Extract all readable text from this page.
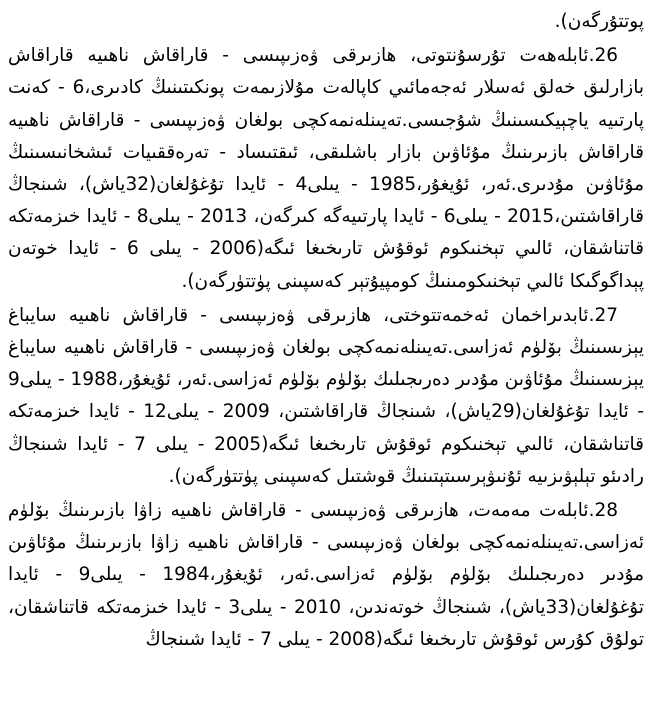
پوتتۇرگەن).

26.ئابلەھەت تۇرسۇنتوتى، ھازىرقى ۋەزىپىسى - قاراقاش ناھىيە قاراقاش بازارلىق خەلق ئەسلار ئەجەمائىي كاپالەت مۇلازىمەت پونكىتىنىڭ كادىرى،6 - كەنت پارتىيە ياچېيكىسىنىڭ شۇجىسى.تەيىنلەنمەكچى بولغان ۋەزىپىسى - قاراقاش ناھىيە قاراقاش بازىرىنىڭ مۇئاۋىن بازار باشلىقى، ئىقتىساد - تەرەققىيات ئىشخانىسىنىڭ مۇئاۋىن مۇدىرى.ئەر، ئۇيغۇر،1985 - يىلى4 - ئايدا تۇغۇلغان(32ياش)، شىنجاڭ قاراقاشتىن،2015 - يىلى6 - ئايدا پارتىيەگە كىرگەن، 2013 - يىلى8 - ئايدا خىزمەتكە قاتناشقان، ئالىي تېخنىكوم ئوقۇش تارىخىغا ئىگە(2006 - يىلى 6 - ئايدا خوتەن پېداگوگىكا ئالىي تېخنىكومىنىڭ كومپيۇتېر كەسپىنى پۈتتۈرگەن).

27.ئابدىراخمان ئەخمەتتوختى، ھازىرقى ۋەزىپىسى - قاراقاش ناھىيە سايباغ يېزىسىنىڭ بۆلۈم ئەزاسى.تەيىنلەنمەكچى بولغان ۋەزىپىسى - قاراقاش ناھىيە سايباغ يېزىسىنىڭ مۇئاۋىن مۇدىر دەرىجىلىك بۆلۈم بۆلۈم ئەزاسى.ئەر، ئۇيغۇر،1988 - يىلى9 - ئايدا تۇغۇلغان(29ياش)، شىنجاڭ قاراقاشتىن، 2009 - يىلى12 - ئايدا خىزمەتكە قاتناشقان، ئالىي تېخنىكوم ئوقۇش تارىخىغا ئىگە(2005 - يىلى 7 - ئايدا شىنجاڭ رادىئو تېلېۋىزىيە ئۇنىۋېرسىتېتىنىڭ قوشتىل كەسپىنى پۈتتۈرگەن).

28.ئابلەت مەمەت، ھازىرقى ۋەزىپىسى - قاراقاش ناھىيە زاۋا بازىرىنىڭ بۆلۈم ئەزاسى.تەيىنلەنمەكچى بولغان ۋەزىپىسى - قاراقاش ناھىيە زاۋا بازىرىنىڭ مۇئاۋىن مۇدىر دەرىجىلىك بۆلۈم بۆلۈم ئەزاسى.ئەر، ئۇيغۇر،1984 - يىلى9 - ئايدا تۇغۇلغان(33ياش)، شىنجاڭ خوتەندىن، 2010 - يىلى3 - ئايدا خىزمەتكە قاتناشقان، تولۇق كۇرس ئوقۇش تارىخىغا ئىگە(2008 - يىلى 7 - ئايدا شىنجاڭ
